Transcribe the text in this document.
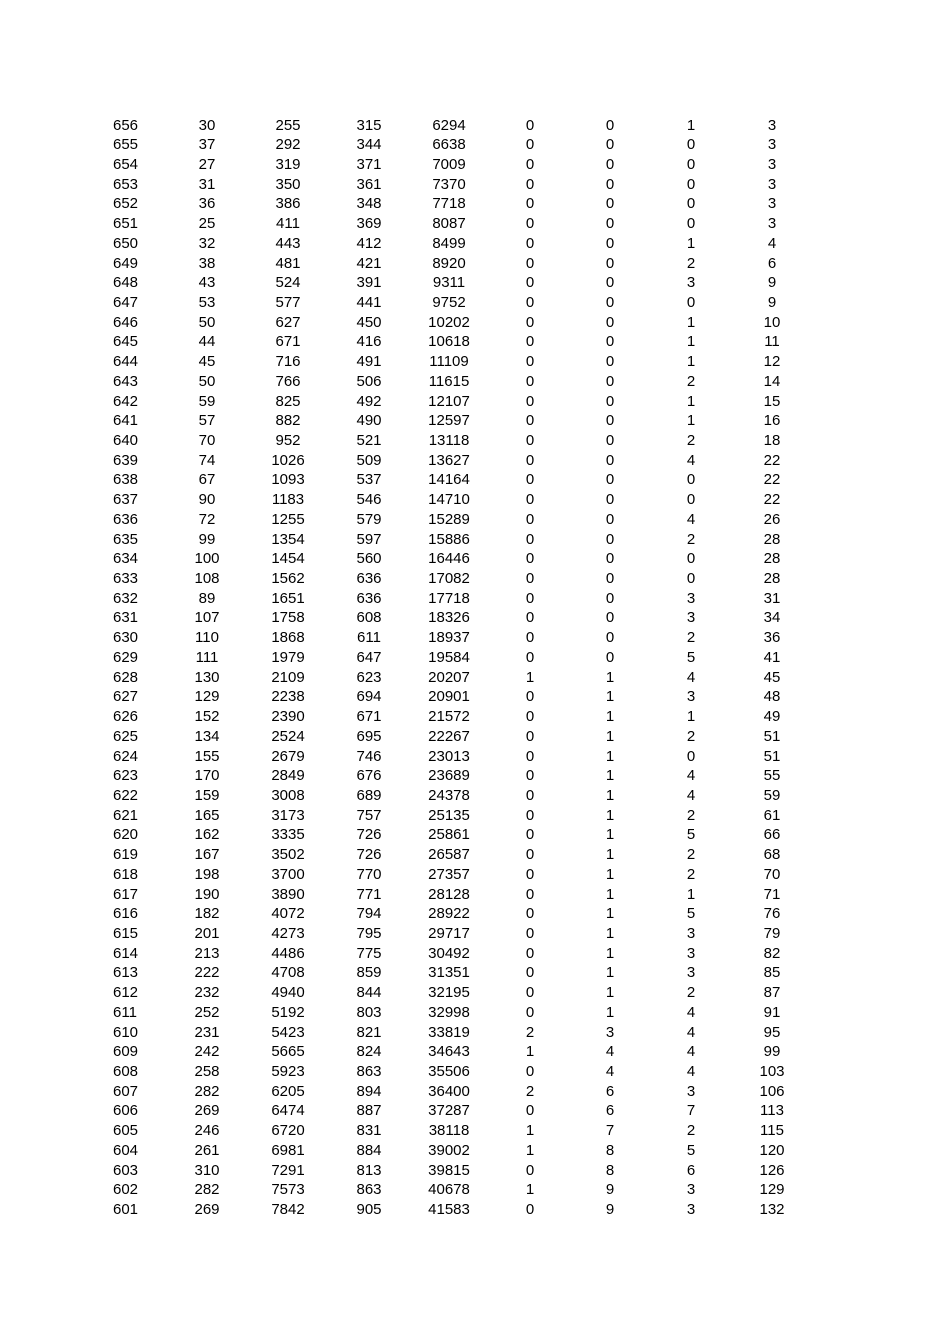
656	30	255	315	6294	0	0	1	3
655	37	292	344	6638	0	0	0	3
654	27	319	371	7009	0	0	0	3
653	31	350	361	7370	0	0	0	3
652	36	386	348	7718	0	0	0	3
651	25	411	369	8087	0	0	0	3
650	32	443	412	8499	0	0	1	4
649	38	481	421	8920	0	0	2	6
648	43	524	391	9311	0	0	3	9
647	53	577	441	9752	0	0	0	9
646	50	627	450	10202	0	0	1	10
645	44	671	416	10618	0	0	1	11
644	45	716	491	11109	0	0	1	12
643	50	766	506	11615	0	0	2	14
642	59	825	492	12107	0	0	1	15
641	57	882	490	12597	0	0	1	16
640	70	952	521	13118	0	0	2	18
639	74	1026	509	13627	0	0	4	22
638	67	1093	537	14164	0	0	0	22
637	90	1183	546	14710	0	0	0	22
636	72	1255	579	15289	0	0	4	26
635	99	1354	597	15886	0	0	2	28
634	100	1454	560	16446	0	0	0	28
633	108	1562	636	17082	0	0	0	28
632	89	1651	636	17718	0	0	3	31
631	107	1758	608	18326	0	0	3	34
630	110	1868	611	18937	0	0	2	36
629	111	1979	647	19584	0	0	5	41
628	130	2109	623	20207	1	1	4	45
627	129	2238	694	20901	0	1	3	48
626	152	2390	671	21572	0	1	1	49
625	134	2524	695	22267	0	1	2	51
624	155	2679	746	23013	0	1	0	51
623	170	2849	676	23689	0	1	4	55
622	159	3008	689	24378	0	1	4	59
621	165	3173	757	25135	0	1	2	61
620	162	3335	726	25861	0	1	5	66
619	167	3502	726	26587	0	1	2	68
618	198	3700	770	27357	0	1	2	70
617	190	3890	771	28128	0	1	1	71
616	182	4072	794	28922	0	1	5	76
615	201	4273	795	29717	0	1	3	79
614	213	4486	775	30492	0	1	3	82
613	222	4708	859	31351	0	1	3	85
612	232	4940	844	32195	0	1	2	87
611	252	5192	803	32998	0	1	4	91
610	231	5423	821	33819	2	3	4	95
609	242	5665	824	34643	1	4	4	99
608	258	5923	863	35506	0	4	4	103
607	282	6205	894	36400	2	6	3	106
606	269	6474	887	37287	0	6	7	113
605	246	6720	831	38118	1	7	2	115
604	261	6981	884	39002	1	8	5	120
603	310	7291	813	39815	0	8	6	126
602	282	7573	863	40678	1	9	3	129
601	269	7842	905	41583	0	9	3	132
